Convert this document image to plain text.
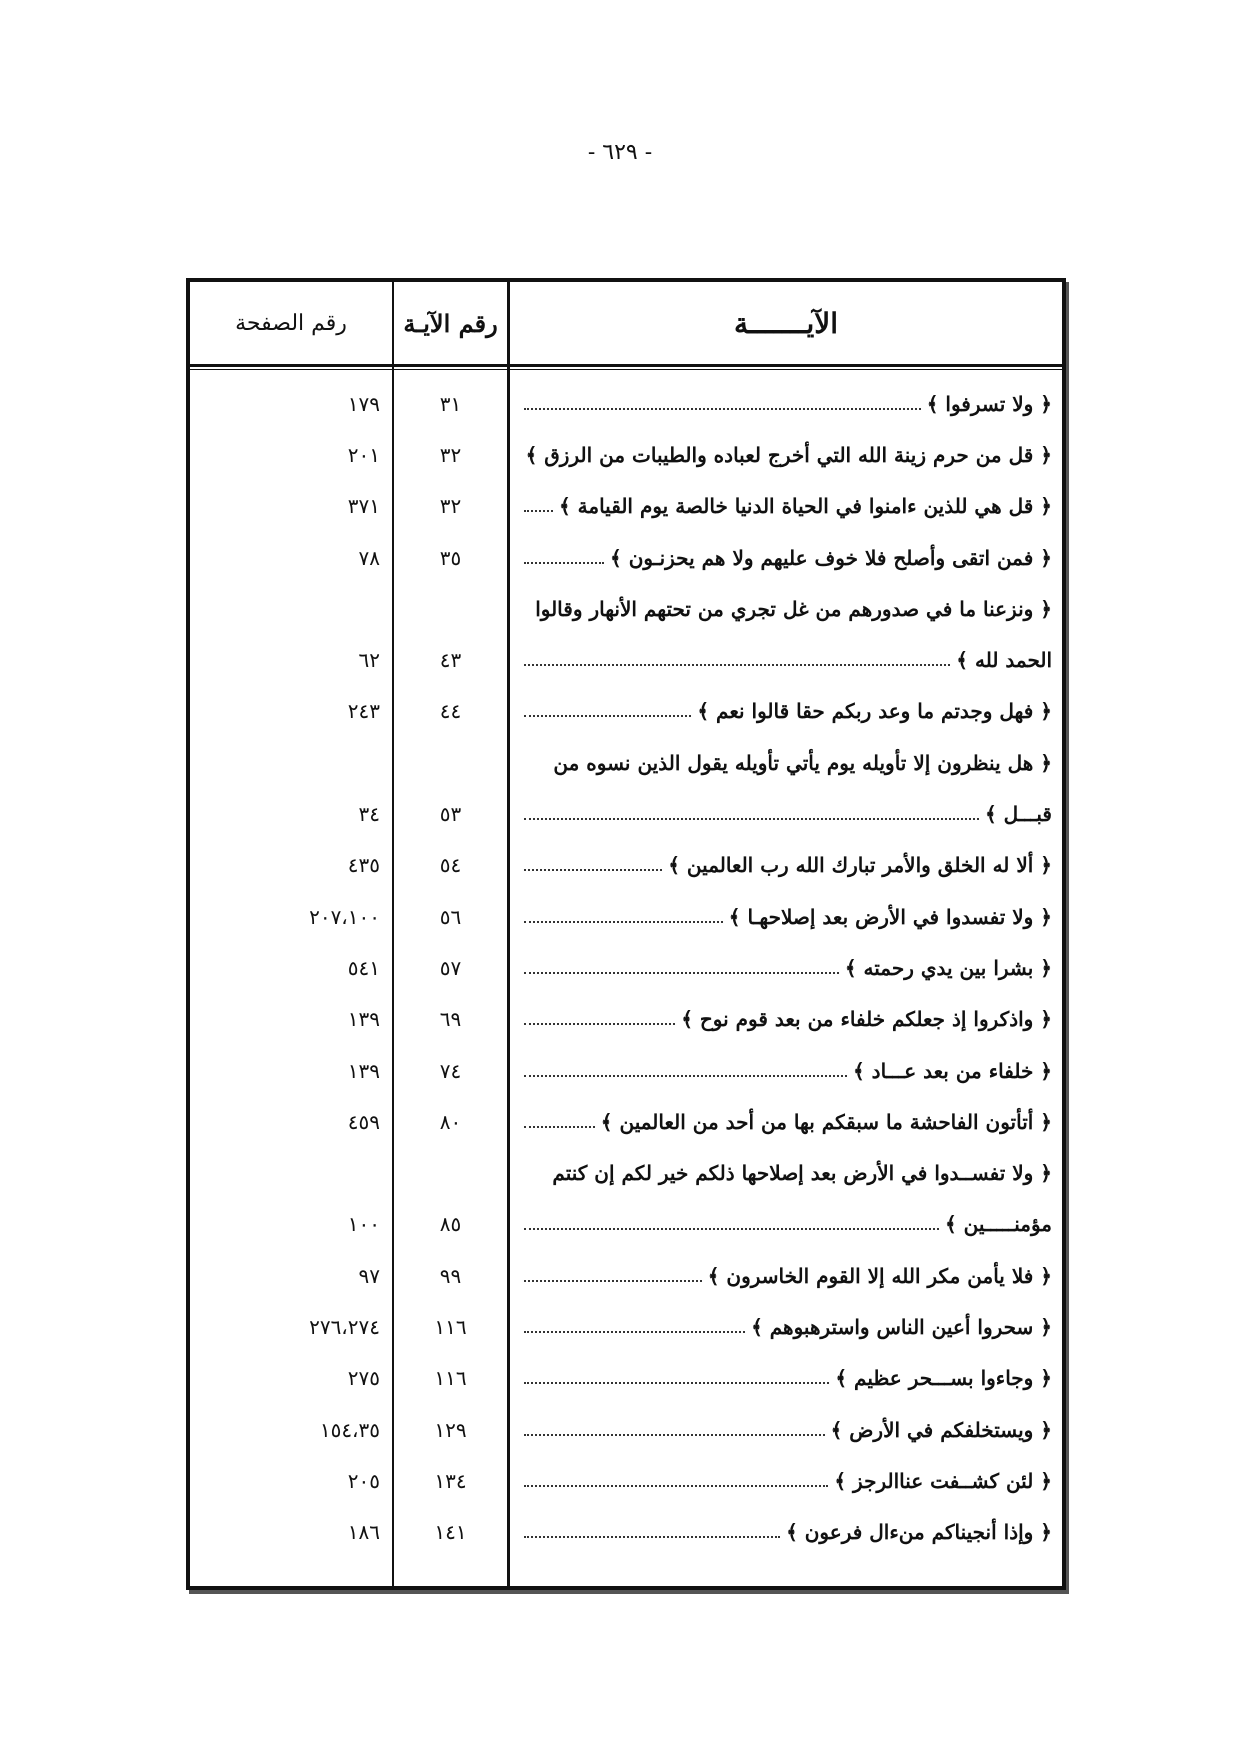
- ٦٢٩ -
الآيـــــــة
رقم الآيـة
رقم الصفحة
﴿ ولا تسرفوا ﴾
٣١
١٧٩
﴿ قل من حرم زينة الله التي أخرج لعباده والطيبات من الرزق ﴾
٣٢
٢٠١
﴿ قل هي للذين ءامنوا في الحياة الدنيا خالصة يوم القيامة ﴾
٣٢
٣٧١
﴿ فمن اتقى وأصلح فلا خوف عليهم ولا هم يحزنـون ﴾
٣٥
٧٨
﴿ ونزعنا ما في صدورهم من غل تجري من تحتهم الأنهار وقالوا
الحمد لله ﴾
٤٣
٦٢
﴿ فهل وجدتم ما وعد ربكم حقا قالوا نعم ﴾
٤٤
٢٤٣
﴿ هل ينظرون إلا تأويله يوم يأتي تأويله يقول الذين نسوه من
قبـــل ﴾
٥٣
٣٤
﴿ ألا له الخلق والأمر تبارك الله رب العالمين ﴾
٥٤
٤٣٥
﴿ ولا تفسدوا في الأرض بعد إصلاحهـا ﴾
٥٦
٢٠٧،١٠٠
﴿ بشرا بين يدي رحمته ﴾
٥٧
٥٤١
﴿ واذكروا إذ جعلكم خلفاء من بعد قوم نوح ﴾
٦٩
١٣٩
﴿ خلفاء من بعد عـــاد ﴾
٧٤
١٣٩
﴿ أتأتون الفاحشة ما سبقكم بها من أحد من العالمين ﴾
٨٠
٤٥٩
﴿ ولا تفســدوا في الأرض بعد إصلاحها ذلكم خير لكم إن كنتم
مؤمنـــــين ﴾
٨٥
١٠٠
﴿ فلا يأمن مكر الله إلا القوم الخاسرون ﴾
٩٩
٩٧
﴿ سحروا أعين الناس واسترهبوهم ﴾
١١٦
٢٧٦،٢٧٤
﴿ وجاءوا بســـحر عظيم ﴾
١١٦
٢٧٥
﴿ ويستخلفكم في الأرض ﴾
١٢٩
١٥٤،٣٥
﴿ لئن كشــفت عناالرجز ﴾
١٣٤
٢٠٥
﴿ وإذا أنجيناكم منءال فرعون ﴾
١٤١
١٨٦
